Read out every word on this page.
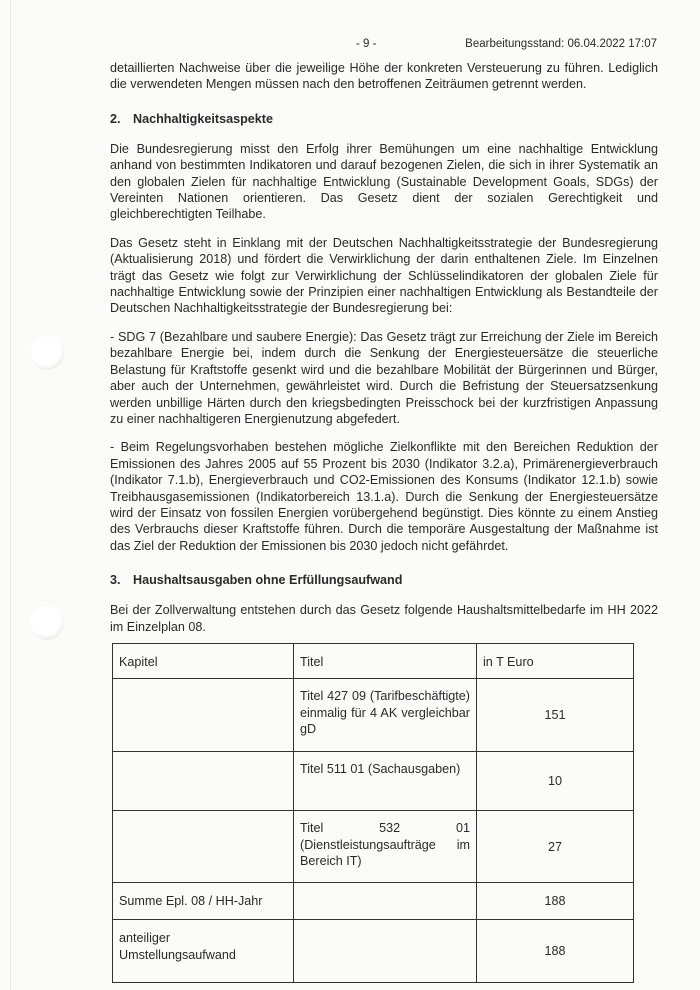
- 9 -	Bearbeitungsstand: 06.04.2022 17:07

detaillierten Nachweise über die jeweilige Höhe der konkreten Versteuerung zu führen. Lediglich die verwendeten Mengen müssen nach den betroffenen Zeiträumen getrennt werden.

2. Nachhaltigkeitsaspekte

Die Bundesregierung misst den Erfolg ihrer Bemühungen um eine nachhaltige Entwicklung anhand von bestimmten Indikatoren und darauf bezogenen Zielen, die sich in ihrer Systematik an den globalen Zielen für nachhaltige Entwicklung (Sustainable Development Goals, SDGs) der Vereinten Nationen orientieren. Das Gesetz dient der sozialen Gerechtigkeit und gleichberechtigten Teilhabe.

Das Gesetz steht in Einklang mit der Deutschen Nachhaltigkeitsstrategie der Bundesregierung (Aktualisierung 2018) und fördert die Verwirklichung der darin enthaltenen Ziele. Im Einzelnen trägt das Gesetz wie folgt zur Verwirklichung der Schlüsselindikatoren der globalen Ziele für nachhaltige Entwicklung sowie der Prinzipien einer nachhaltigen Entwicklung als Bestandteile der Deutschen Nachhaltigkeitsstrategie der Bundesregierung bei:

- SDG 7 (Bezahlbare und saubere Energie): Das Gesetz trägt zur Erreichung der Ziele im Bereich bezahlbare Energie bei, indem durch die Senkung der Energiesteuersätze die steuerliche Belastung für Kraftstoffe gesenkt wird und die bezahlbare Mobilität der Bürgerinnen und Bürger, aber auch der Unternehmen, gewährleistet wird. Durch die Befristung der Steuersatzsenkung werden unbillige Härten durch den kriegsbedingten Preisschock bei der kurzfristigen Anpassung zu einer nachhaltigeren Energienutzung abgefedert.

- Beim Regelungsvorhaben bestehen mögliche Zielkonflikte mit den Bereichen Reduktion der Emissionen des Jahres 2005 auf 55 Prozent bis 2030 (Indikator 3.2.a), Primärenergieverbrauch (Indikator 7.1.b), Energieverbrauch und CO2-Emissionen des Konsums (Indikator 12.1.b) sowie Treibhausgasemissionen (Indikatorbereich 13.1.a). Durch die Senkung der Energiesteuersätze wird der Einsatz von fossilen Energien vorübergehend begünstigt. Dies könnte zu einem Anstieg des Verbrauchs dieser Kraftstoffe führen. Durch die temporäre Ausgestaltung der Maßnahme ist das Ziel der Reduktion der Emissionen bis 2030 jedoch nicht gefährdet.

3. Haushaltsausgaben ohne Erfüllungsaufwand

Bei der Zollverwaltung entstehen durch das Gesetz folgende Haushaltsmittelbedarfe im HH 2022 im Einzelplan 08.

Kapitel	Titel	in T Euro
	Titel 427 09 (Tarifbeschäftigte) einmalig für 4 AK vergleichbar gD	151
	Titel 511 01 (Sachausgaben)	10
	Titel 532 01 (Dienstleistungsaufträge im Bereich IT)	27
Summe Epl. 08 / HH-Jahr		188
anteiliger Umstellungsaufwand		188
